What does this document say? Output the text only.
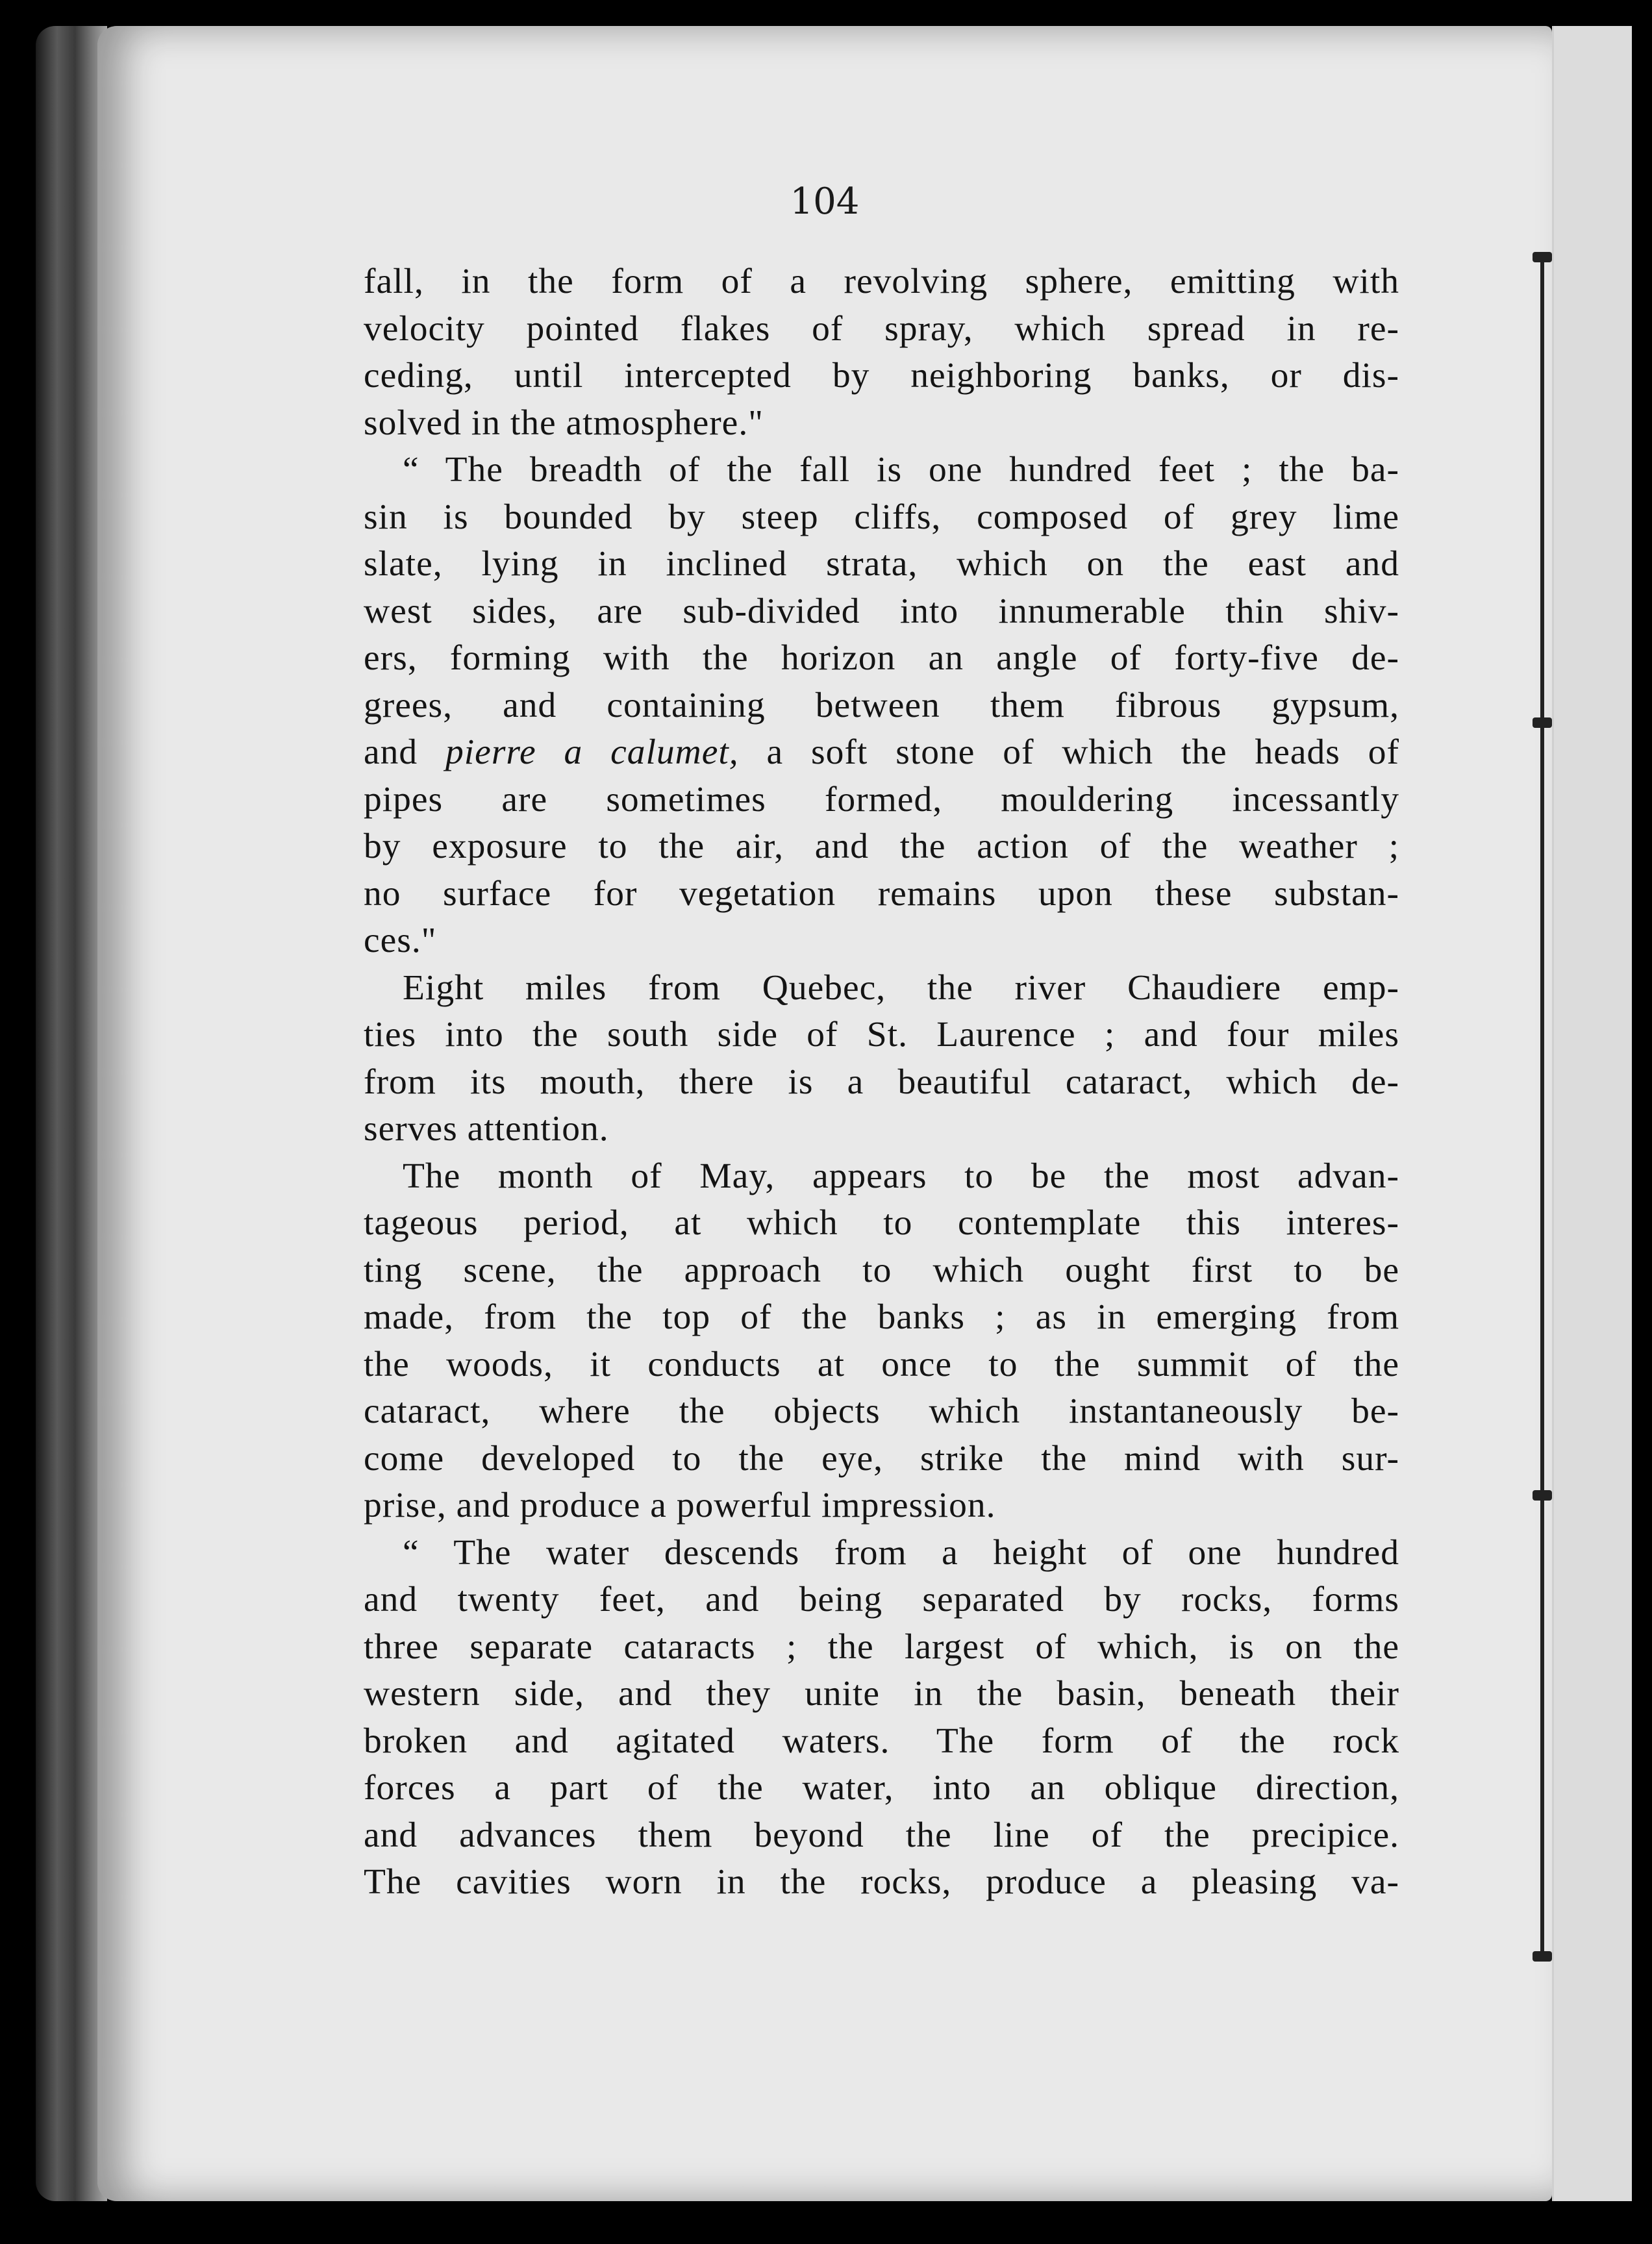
104
fall, in the form of a revolving sphere, emitting with
velocity pointed flakes of spray, which spread in re-
ceding, until intercepted by neighboring banks, or dis-
solved in the atmosphere."
“ The breadth of the fall is one hundred feet ; the ba-
sin is bounded by steep cliffs, composed of grey lime
slate, lying in inclined strata, which on the east and
west sides, are sub-divided into innumerable thin shiv-
ers, forming with the horizon an angle of forty-five de-
grees, and containing between them fibrous gypsum,
and pierre a calumet, a soft stone of which the heads of
pipes are sometimes formed, mouldering incessantly
by exposure to the air, and the action of the weather ;
no surface for vegetation remains upon these substan-
ces."
Eight miles from Quebec, the river Chaudiere emp-
ties into the south side of St. Laurence ; and four miles
from its mouth, there is a beautiful cataract, which de-
serves attention.
The month of May, appears to be the most advan-
tageous period, at which to contemplate this interes-
ting scene, the approach to which ought first to be
made, from the top of the banks ; as in emerging from
the woods, it conducts at once to the summit of the
cataract, where the objects which instantaneously be-
come developed to the eye, strike the mind with sur-
prise, and produce a powerful impression.
“ The water descends from a height of one hundred
and twenty feet, and being separated by rocks, forms
three separate cataracts ; the largest of which, is on the
western side, and they unite in the basin, beneath their
broken and agitated waters. The form of the rock
forces a part of the water, into an oblique direction,
and advances them beyond the line of the precipice.
The cavities worn in the rocks, produce a pleasing va-
